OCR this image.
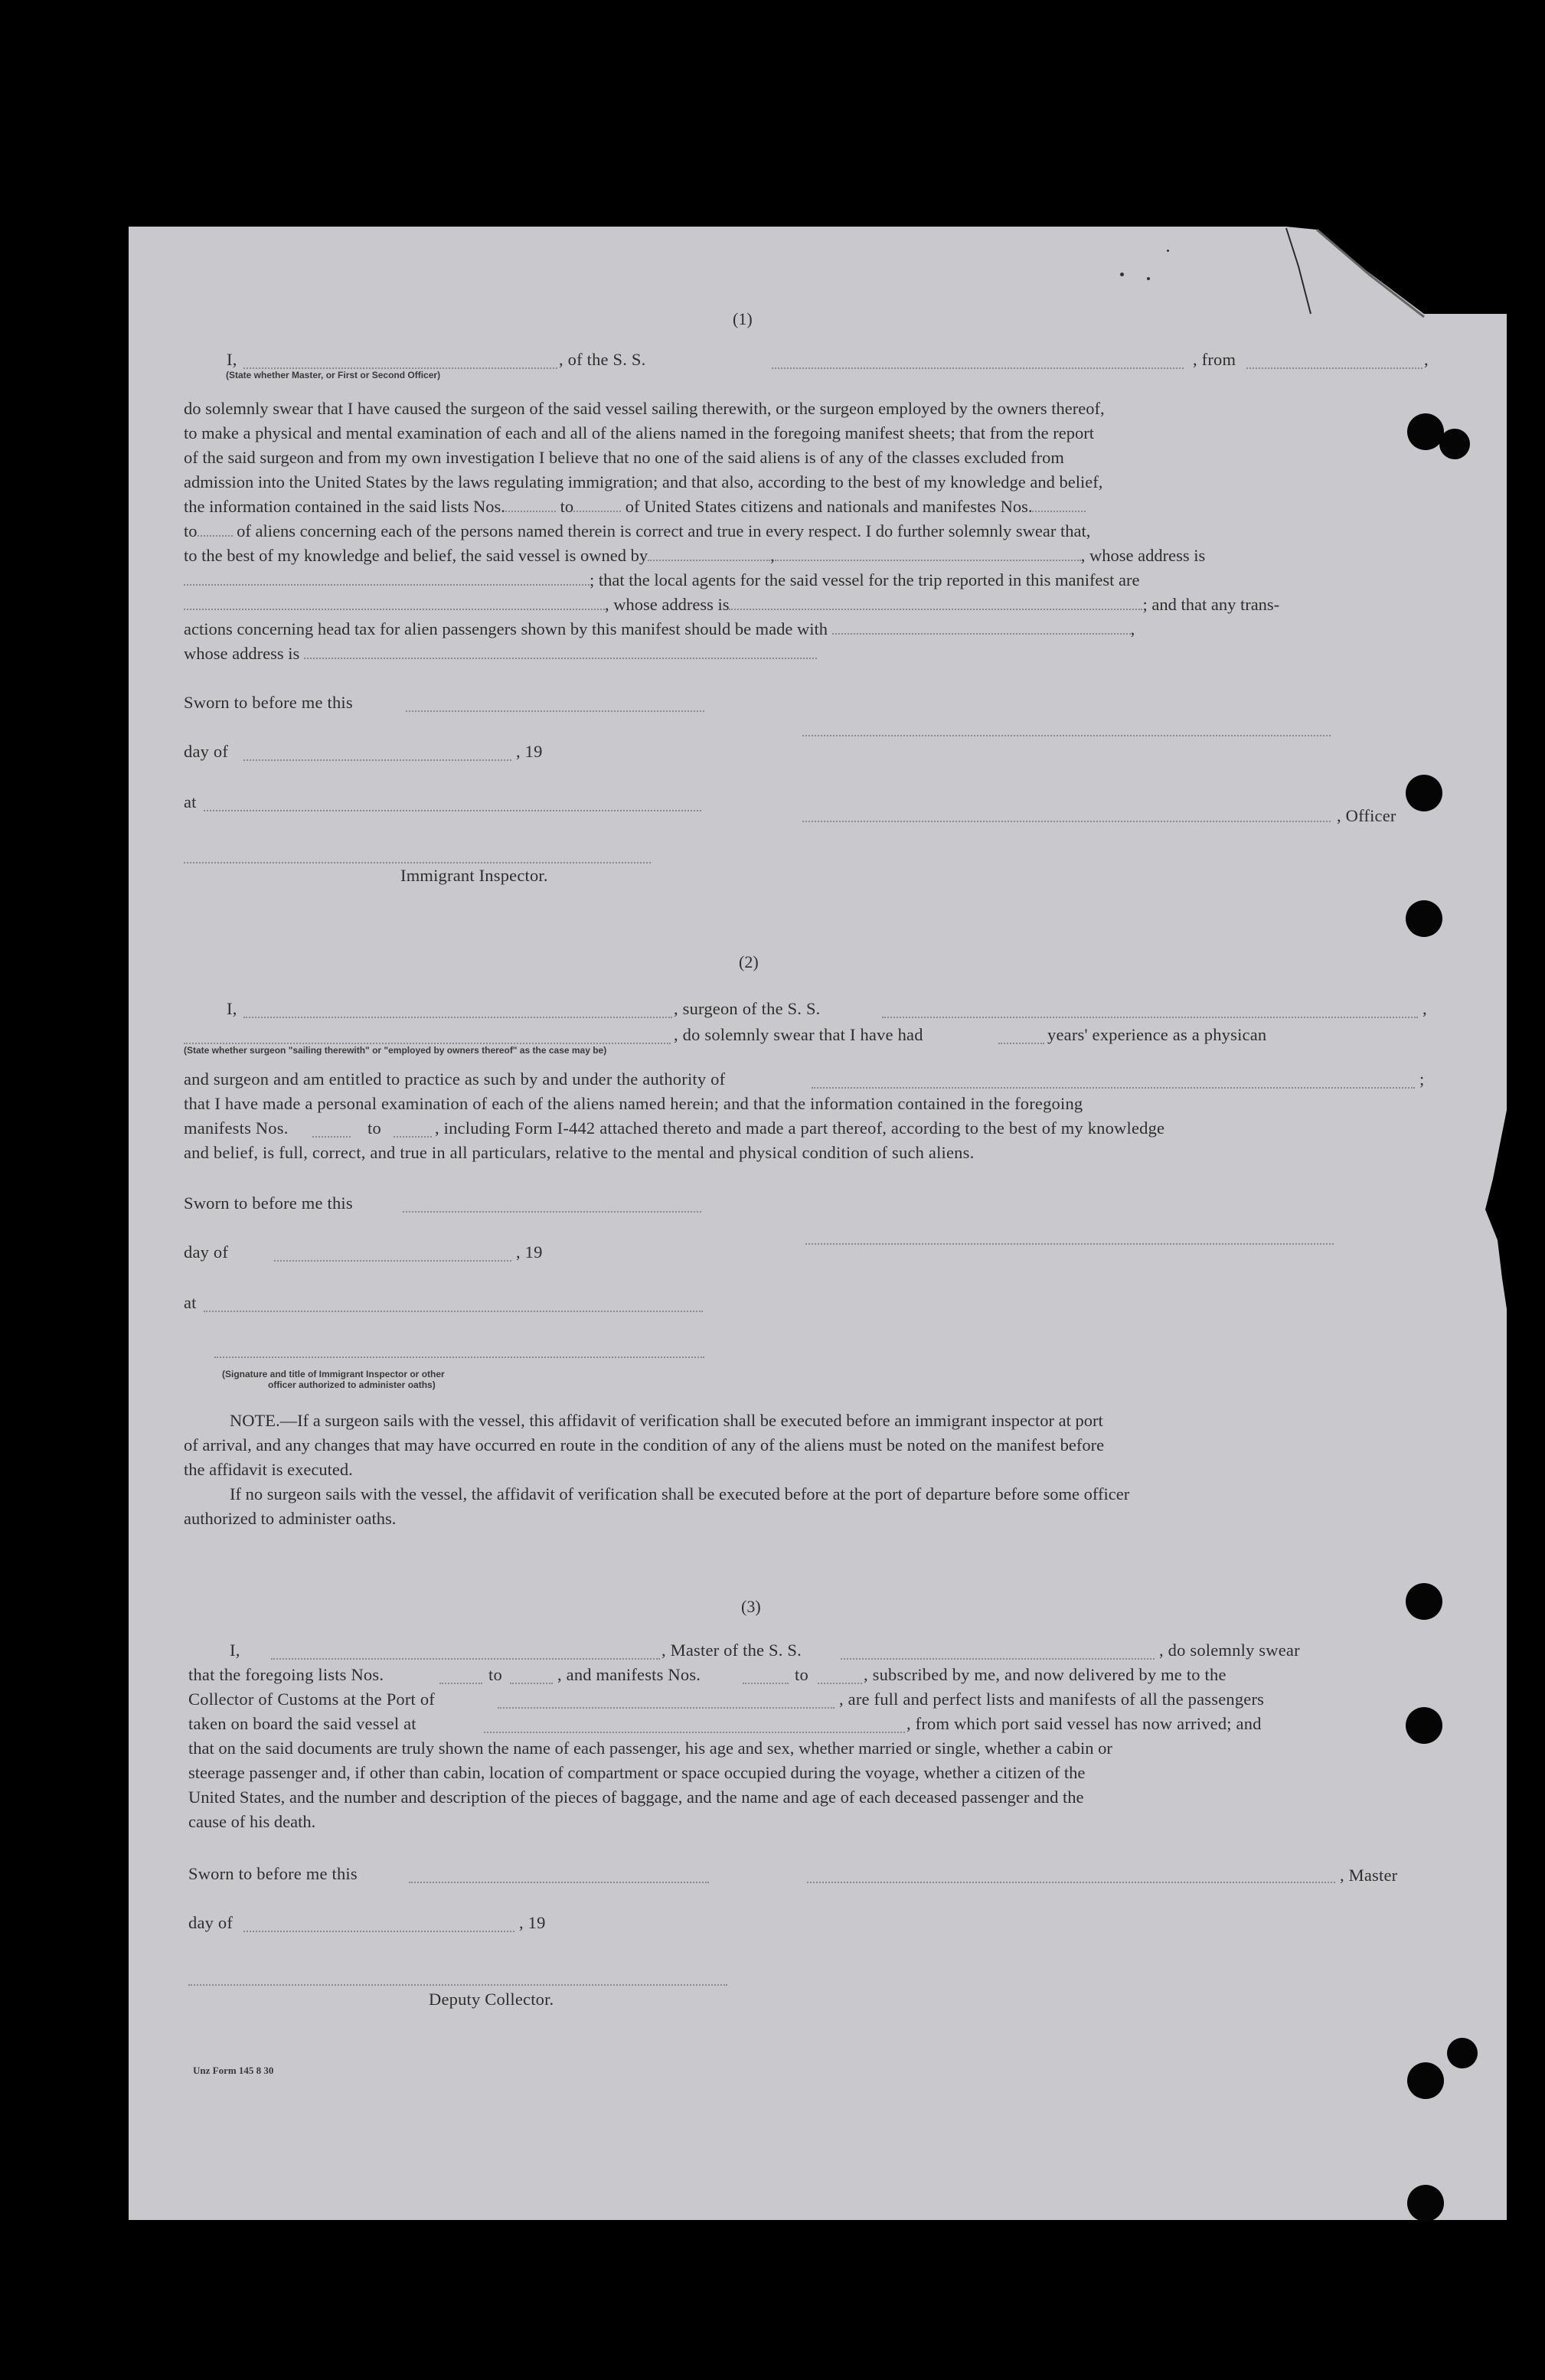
(1)
I,	, of the S. S.	, from	,
(State whether Master, or First or Second Officer)
do solemnly swear that I have caused the surgeon of the said vessel sailing therewith, or the surgeon employed by the owners thereof,
to make a physical and mental examination of each and all of the aliens named in the foregoing manifest sheets; that from the report
of the said surgeon and from my own investigation I believe that no one of the said aliens is of any of the classes excluded from
admission into the United States by the laws regulating immigration; and that also, according to the best of my knowledge and belief,
the information contained in the said lists Nos.	to	of United States citizens and nationals and manifestes Nos.
to of aliens concerning each of the persons named therein is correct and true in every respect. I do further solemnly swear that,
to the best of my knowledge and belief, the said vessel is owned by	,	, whose address is
; that the local agents for the said vessel for the trip reported in this manifest are
, whose address is	; and that any trans-
actions concerning head tax for alien passengers shown by this manifest should be made with	,
whose address is
Sworn to before me this
day of	, 19
at
, Officer
Immigrant Inspector.
(2)
I,	, surgeon of the S. S.	,
, do solemnly swear that I have had	years' experience as a physican
(State whether surgeon "sailing therewith" or "employed by owners thereof" as the case may be)
and surgeon and am entitled to practice as such by and under the authority of	;
that I have made a personal examination of each of the aliens named herein; and that the information contained in the foregoing
manifests Nos.	to	, including Form I-442 attached thereto and made a part thereof, according to the best of my knowledge
and belief, is full, correct, and true in all particulars, relative to the mental and physical condition of such aliens.
Sworn to before me this
day of	, 19
at
(Signature and title of Immigrant Inspector or other
officer authorized to administer oaths)
NOTE.—If a surgeon sails with the vessel, this affidavit of verification shall be executed before an immigrant inspector at port
of arrival, and any changes that may have occurred en route in the condition of any of the aliens must be noted on the manifest before
the affidavit is executed.
If no surgeon sails with the vessel, the affidavit of verification shall be executed before at the port of departure before some officer
authorized to administer oaths.
(3)
I,	, Master of the S. S.	, do solemnly swear
that the foregoing lists Nos.	to	, and manifests Nos.	to	, subscribed by me, and now delivered by me to the
Collector of Customs at the Port of	, are full and perfect lists and manifests of all the passengers
taken on board the said vessel at	, from which port said vessel has now arrived; and
that on the said documents are truly shown the name of each passenger, his age and sex, whether married or single, whether a cabin or
steerage passenger and, if other than cabin, location of compartment or space occupied during the voyage, whether a citizen of the
United States, and the number and description of the pieces of baggage, and the name and age of each deceased passenger and the
cause of his death.
Sworn to before me this	, Master
day of	, 19
Deputy Collector.
Unz Form 145 8 30
